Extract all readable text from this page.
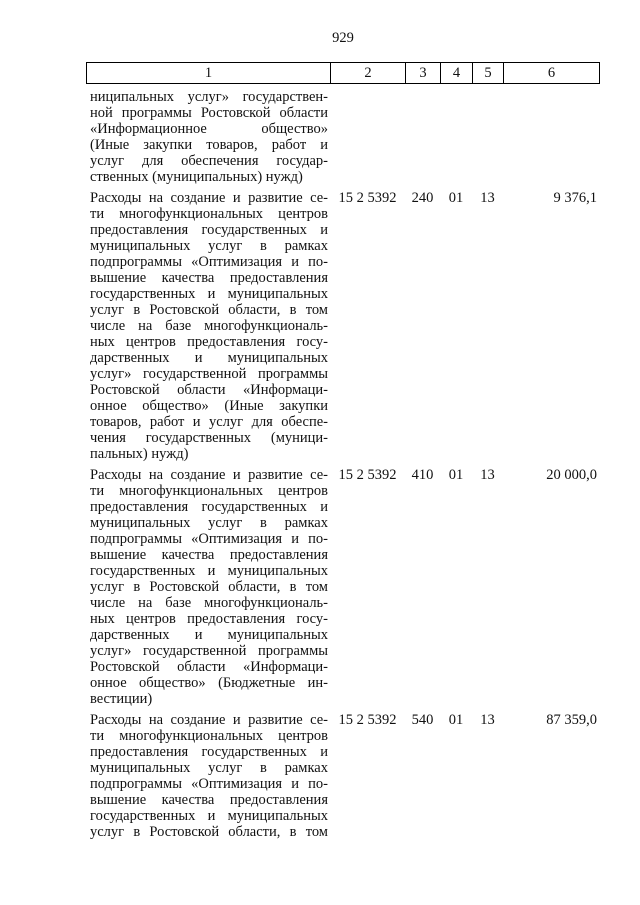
929
1	2	3	4	5	6
ниципальных услуг» государствен-
ной программы Ростовской области
«Информационное общество»
(Иные закупки товаров, работ и
услуг для обеспечения государ-
ственных (муниципальных) нужд)
Расходы на создание и развитие се-
ти многофункциональных центров
предоставления государственных и
муниципальных услуг в рамках
подпрограммы «Оптимизация и по-
вышение качества предоставления
государственных и муниципальных
услуг в Ростовской области, в том
числе на базе многофункциональ-
ных центров предоставления госу-
дарственных и муниципальных
услуг» государственной программы
Ростовской области «Информаци-
онное общество» (Иные закупки
товаров, работ и услуг для обеспе-
чения государственных (муници-
пальных) нужд)
15 2 5392	240	01	13	9 376,1
Расходы на создание и развитие се-
ти многофункциональных центров
предоставления государственных и
муниципальных услуг в рамках
подпрограммы «Оптимизация и по-
вышение качества предоставления
государственных и муниципальных
услуг в Ростовской области, в том
числе на базе многофункциональ-
ных центров предоставления госу-
дарственных и муниципальных
услуг» государственной программы
Ростовской области «Информаци-
онное общество» (Бюджетные ин-
вестиции)
15 2 5392	410	01	13	20 000,0
Расходы на создание и развитие се-
ти многофункциональных центров
предоставления государственных и
муниципальных услуг в рамках
подпрограммы «Оптимизация и по-
вышение качества предоставления
государственных и муниципальных
услуг в Ростовской области, в том
15 2 5392	540	01	13	87 359,0
